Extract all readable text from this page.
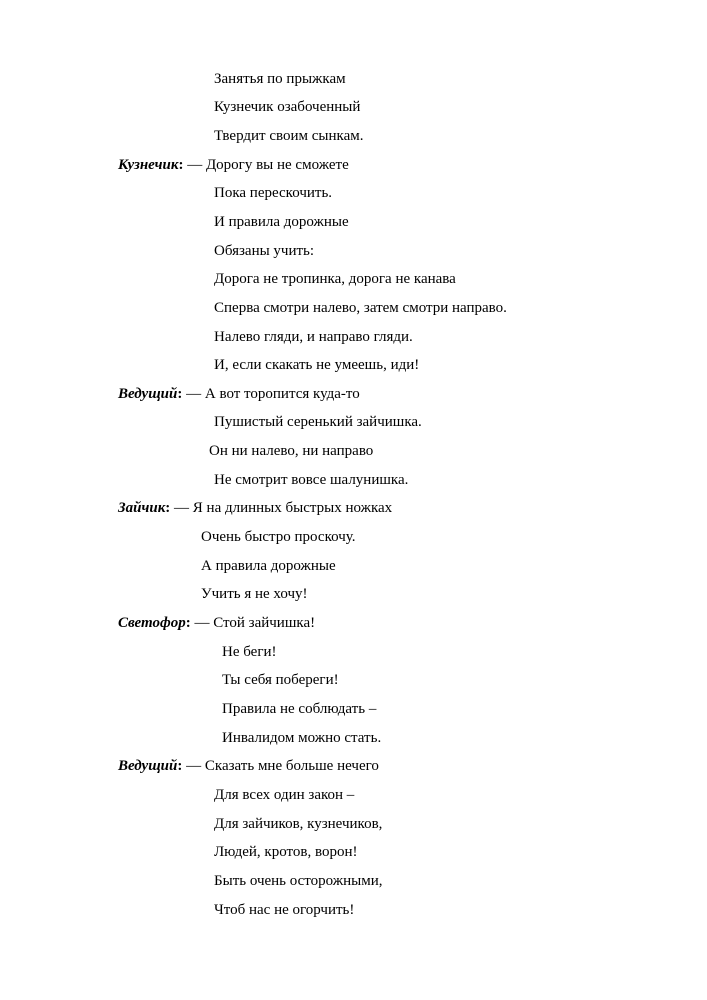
Занятья по прыжкам
Кузнечик озабоченный
Твердит своим сынкам.
Кузнечик: — Дорогу вы не сможете
Пока перескочить.
И правила дорожные
Обязаны учить:
Дорога не тропинка, дорога не канава
Сперва смотри налево, затем смотри направо.
Налево гляди, и направо гляди.
И, если скакать не умеешь, иди!
Ведущий: — А вот торопится куда-то
Пушистый серенький зайчишка.
Он ни налево, ни направо
Не смотрит вовсе шалунишка.
Зайчик: — Я на длинных быстрых ножках
Очень быстро проскочу.
А правила дорожные
Учить я не хочу!
Светофор: — Стой зайчишка!
Не беги!
Ты себя побереги!
Правила не соблюдать –
Инвалидом можно стать.
Ведущий: — Сказать мне больше нечего
Для всех один закон –
Для зайчиков, кузнечиков,
Людей, кротов, ворон!
Быть очень осторожными,
Чтоб нас не огорчить!
